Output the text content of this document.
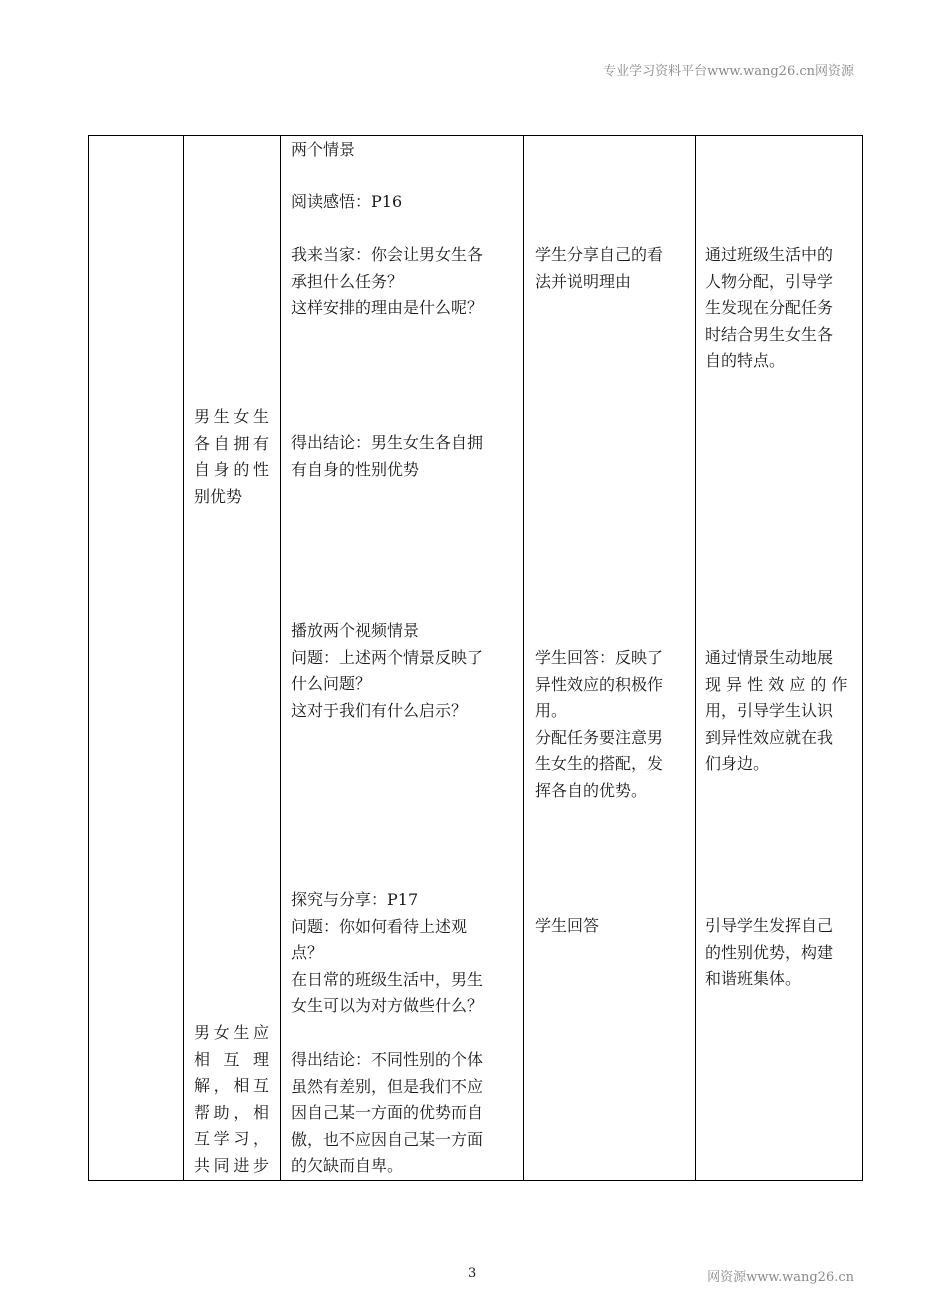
专业学习资料平台www.wang26.cn网资源

男生女生

各自拥有

自身的性

别优势

男女生应

相 互 理

解，相互

帮助，相

互学习，

共同进步

两个情景

阅读感悟：P16

我来当家：你会让男女生各

承担什么任务？

这样安排的理由是什么呢？

得出结论：男生女生各自拥

有自身的性别优势

播放两个视频情景

问题：上述两个情景反映了

什么问题？

这对于我们有什么启示？

探究与分享：P17

问题：你如何看待上述观

点？

在日常的班级生活中，男生

女生可以为对方做些什么？

得出结论：不同性别的个体

虽然有差别，但是我们不应

因自己某一方面的优势而自

傲，也不应因自己某一方面

的欠缺而自卑。

学生分享自己的看

法并说明理由

学生回答：反映了

异性效应的积极作

用。

分配任务要注意男

生女生的搭配，发

挥各自的优势。

学生回答

通过班级生活中的

人物分配，引导学

生发现在分配任务

时结合男生女生各

自的特点。

通过情景生动地展

现 异 性 效 应 的 作

用，引导学生认识

到异性效应就在我

们身边。

引导学生发挥自己

的性别优势，构建

和谐班集体。

3	网资源www.wang26.cn
